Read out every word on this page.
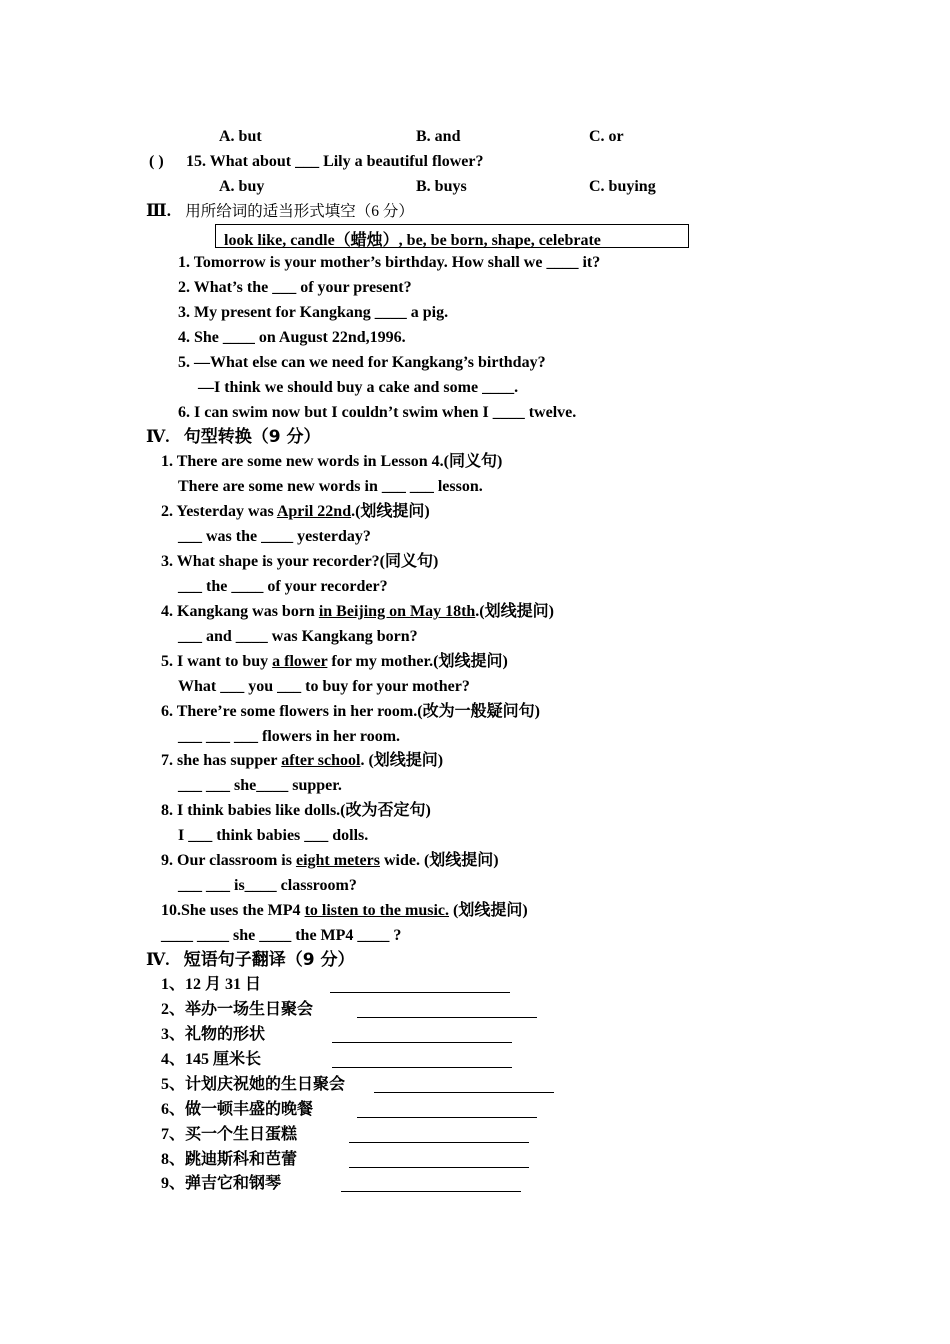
A. but	B. and	C. or
( ) 15. What about ___ Lily a beautiful flower?
A. buy	B. buys	C. buying
Ⅲ. 用所给词的适当形式填空（6 分）
look like, candle（蜡烛）, be, be born, shape, celebrate
1. Tomorrow is your mother’s birthday. How shall we ____ it?
2. What’s the ___ of your present?
3. My present for Kangkang ____ a pig.
4. She ____ on August 22nd,1996.
5. —What else can we need for Kangkang’s birthday?
—I think we should buy a cake and some ____.
6. I can swim now but I couldn’t swim when I ____ twelve.
Ⅳ. 句型转换（9 分）
1. There are some new words in Lesson 4.(同义句)
There are some new words in ___ ___ lesson.
2. Yesterday was April 22nd.(划线提问)
___ was the ____ yesterday?
3. What shape is your recorder?(同义句)
___ the ____ of your recorder?
4. Kangkang was born in Beijing on May 18th.(划线提问)
___ and ____ was Kangkang born?
5. I want to buy a flower for my mother.(划线提问)
What ___ you ___ to buy for your mother?
6. There’re some flowers in her room.(改为一般疑问句)
___ ___ ___ flowers in her room.
7. she has supper after school. (划线提问)
___ ___ she____ supper.
8. I think babies like dolls.(改为否定句)
I ___ think babies ___ dolls.
9. Our classroom is eight meters wide. (划线提问)
___ ___ is____ classroom?
10.She uses the MP4 to listen to the music. (划线提问)
____ ____ she ____ the MP4 ____ ?
Ⅳ. 短语句子翻译（9 分）
1、12 月 31 日
2、举办一场生日聚会
3、礼物的形状
4、145 厘米长
5、计划庆祝她的生日聚会
6、做一顿丰盛的晚餐
7、买一个生日蛋糕
8、跳迪斯科和芭蕾
9、弹吉它和钢琴
